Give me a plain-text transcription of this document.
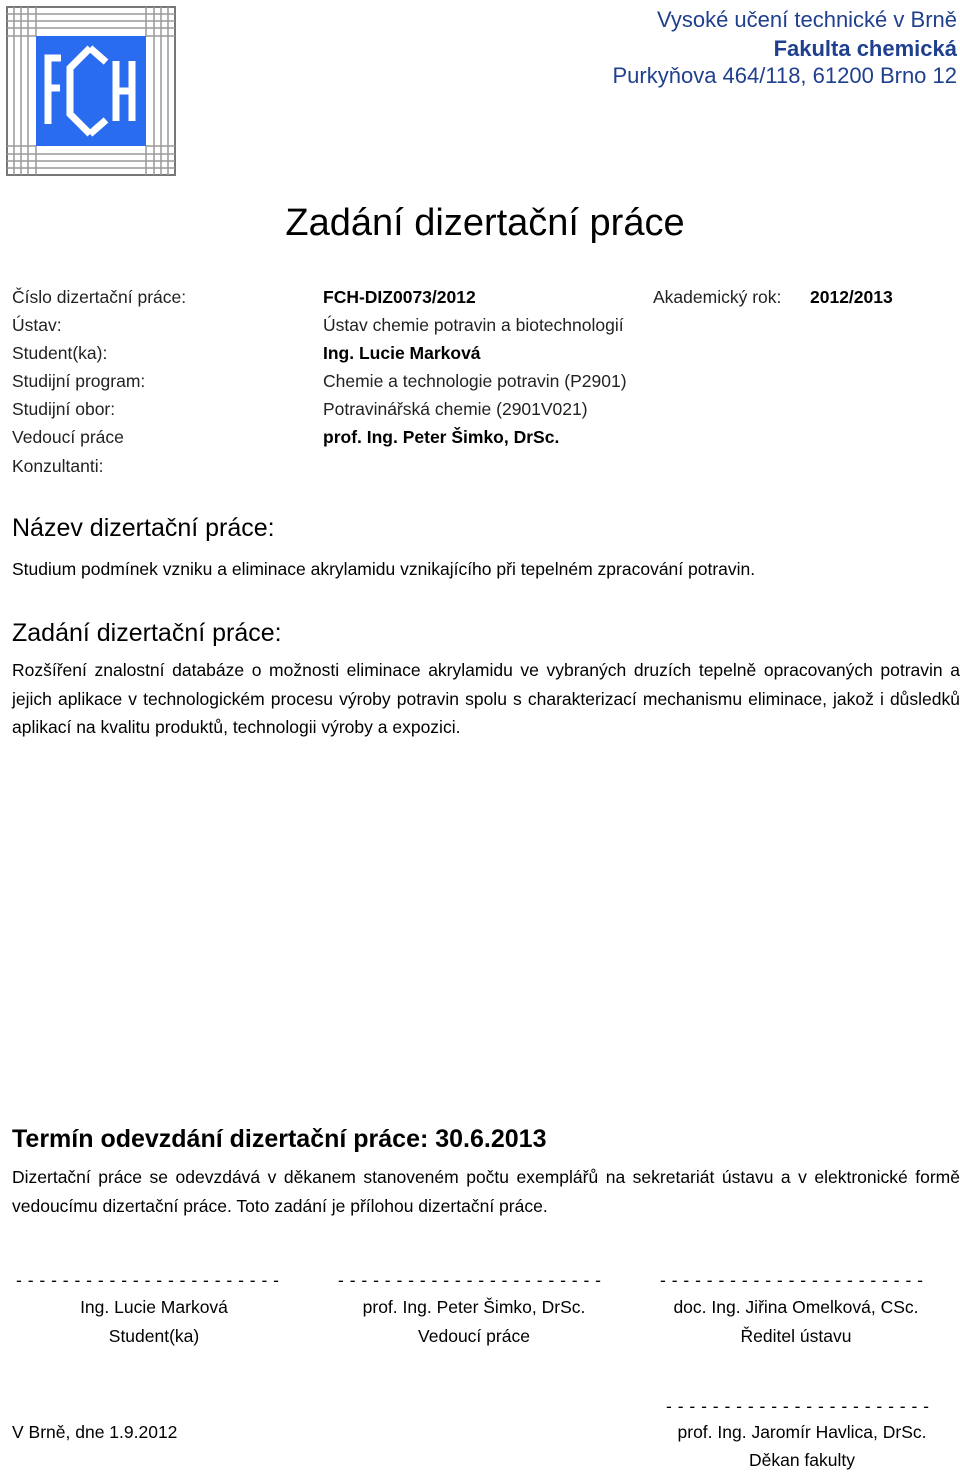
Vysoké učení technické v Brně
Fakulta chemická
Purkyňova 464/118, 61200 Brno 12
Zadání dizertační práce
Číslo dizertační práce:	FCH-DIZ0073/2012	Akademický rok: 2012/2013
Ústav:	Ústav chemie potravin a biotechnologií
Student(ka):	Ing. Lucie Marková
Studijní program:	Chemie a technologie potravin (P2901)
Studijní obor:	Potravinářská chemie (2901V021)
Vedoucí práce	prof. Ing. Peter Šimko, DrSc.
Konzultanti:
Název dizertační práce:
Studium podmínek vzniku a eliminace akrylamidu vznikajícího při tepelném zpracování potravin.
Zadání dizertační práce:
Rozšíření znalostní databáze o možnosti eliminace akrylamidu ve vybraných druzích tepelně opracovaných potravin a jejich aplikace v technologickém procesu výroby potravin spolu s charakterizací mechanismu eliminace, jakož i důsledků aplikací na kvalitu produktů, technologii výroby a expozici.
Termín odevzdání dizertační práce: 30.6.2013
Dizertační práce se odevzdává v děkanem stanoveném počtu exemplářů na sekretariát ústavu a v elektronické formě vedoucímu dizertační práce. Toto zadání je přílohou dizertační práce.
- - - - - - - - - - - - - - - - - - - - - - -	- - - - - - - - - - - - - - - - - - - - - - -	- - - - - - - - - - - - - - - - - - - - - - -
Ing. Lucie Marková
Student(ka)
prof. Ing. Peter Šimko, DrSc.
Vedoucí práce
doc. Ing. Jiřina Omelková, CSc.
Ředitel ústavu
- - - - - - - - - - - - - - - - - - - - - - -
V Brně, dne 1.9.2012	prof. Ing. Jaromír Havlica, DrSc.
Děkan fakulty
